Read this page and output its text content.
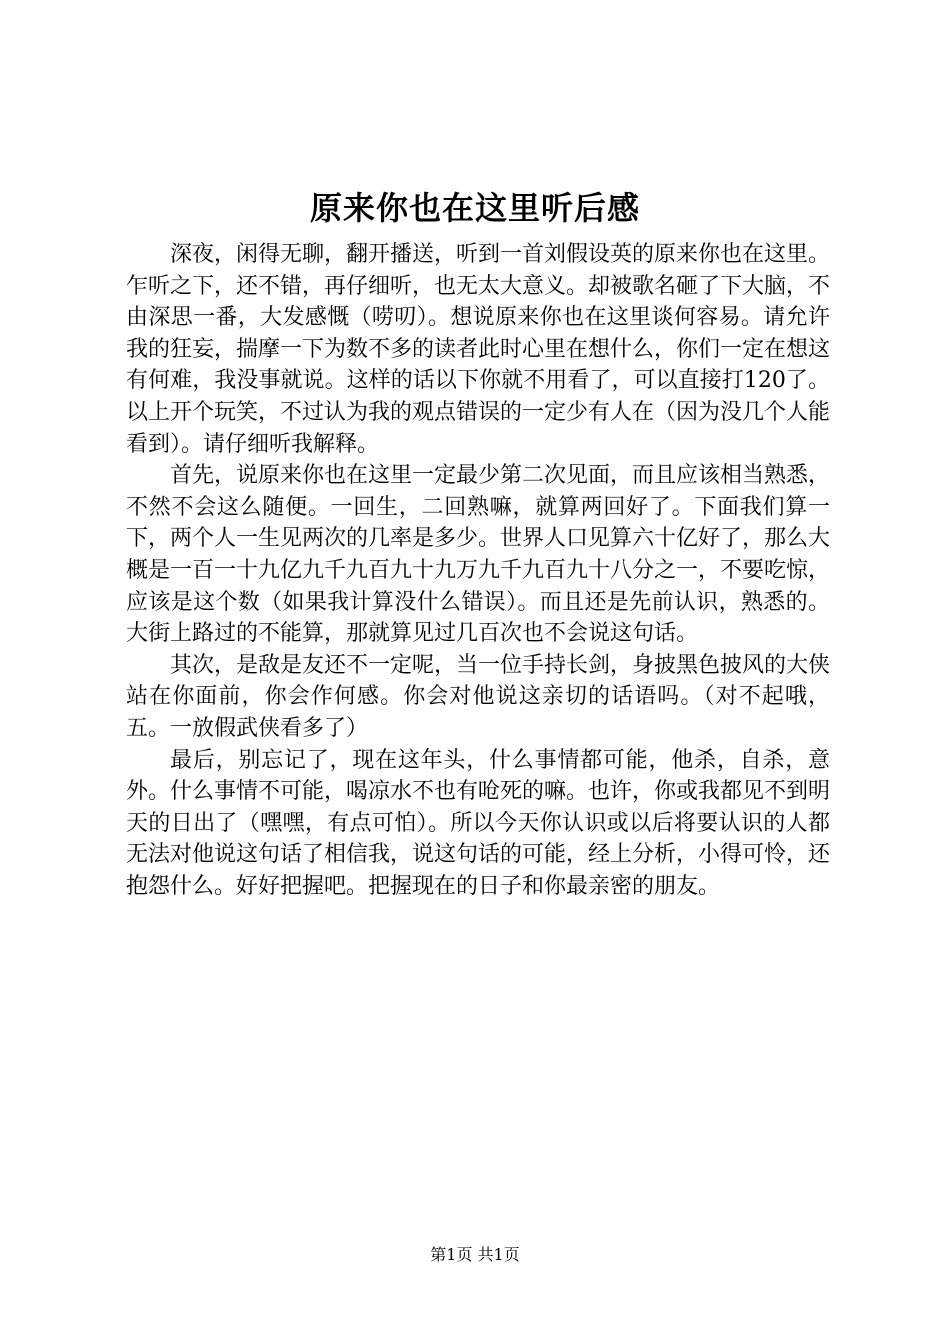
原来你也在这里听后感

深夜，闲得无聊，翻开播送，听到一首刘假设英的原来你也在这里。乍听之下，还不错，再仔细听，也无太大意义。却被歌名砸了下大脑，不由深思一番，大发感慨（唠叨）。想说原来你也在这里谈何容易。请允许我的狂妄，揣摩一下为数不多的读者此时心里在想什么，你们一定在想这有何难，我没事就说。这样的话以下你就不用看了，可以直接打120了。以上开个玩笑，不过认为我的观点错误的一定少有人在（因为没几个人能看到）。请仔细听我解释。

首先，说原来你也在这里一定最少第二次见面，而且应该相当熟悉，不然不会这么随便。一回生，二回熟嘛，就算两回好了。下面我们算一下，两个人一生见两次的几率是多少。世界人口见算六十亿好了，那么大概是一百一十九亿九千九百九十九万九千九百九十八分之一，不要吃惊，应该是这个数（如果我计算没什么错误）。而且还是先前认识，熟悉的。大街上路过的不能算，那就算见过几百次也不会说这句话。

其次，是敌是友还不一定呢，当一位手持长剑，身披黑色披风的大侠站在你面前，你会作何感。你会对他说这亲切的话语吗。（对不起哦，五。一放假武侠看多了）

最后，别忘记了，现在这年头，什么事情都可能，他杀，自杀，意外。什么事情不可能，喝凉水不也有呛死的嘛。也许，你或我都见不到明天的日出了（嘿嘿，有点可怕）。所以今天你认识或以后将要认识的人都无法对他说这句话了相信我，说这句话的可能，经上分析，小得可怜，还抱怨什么。好好把握吧。把握现在的日子和你最亲密的朋友。

第1页 共1页
